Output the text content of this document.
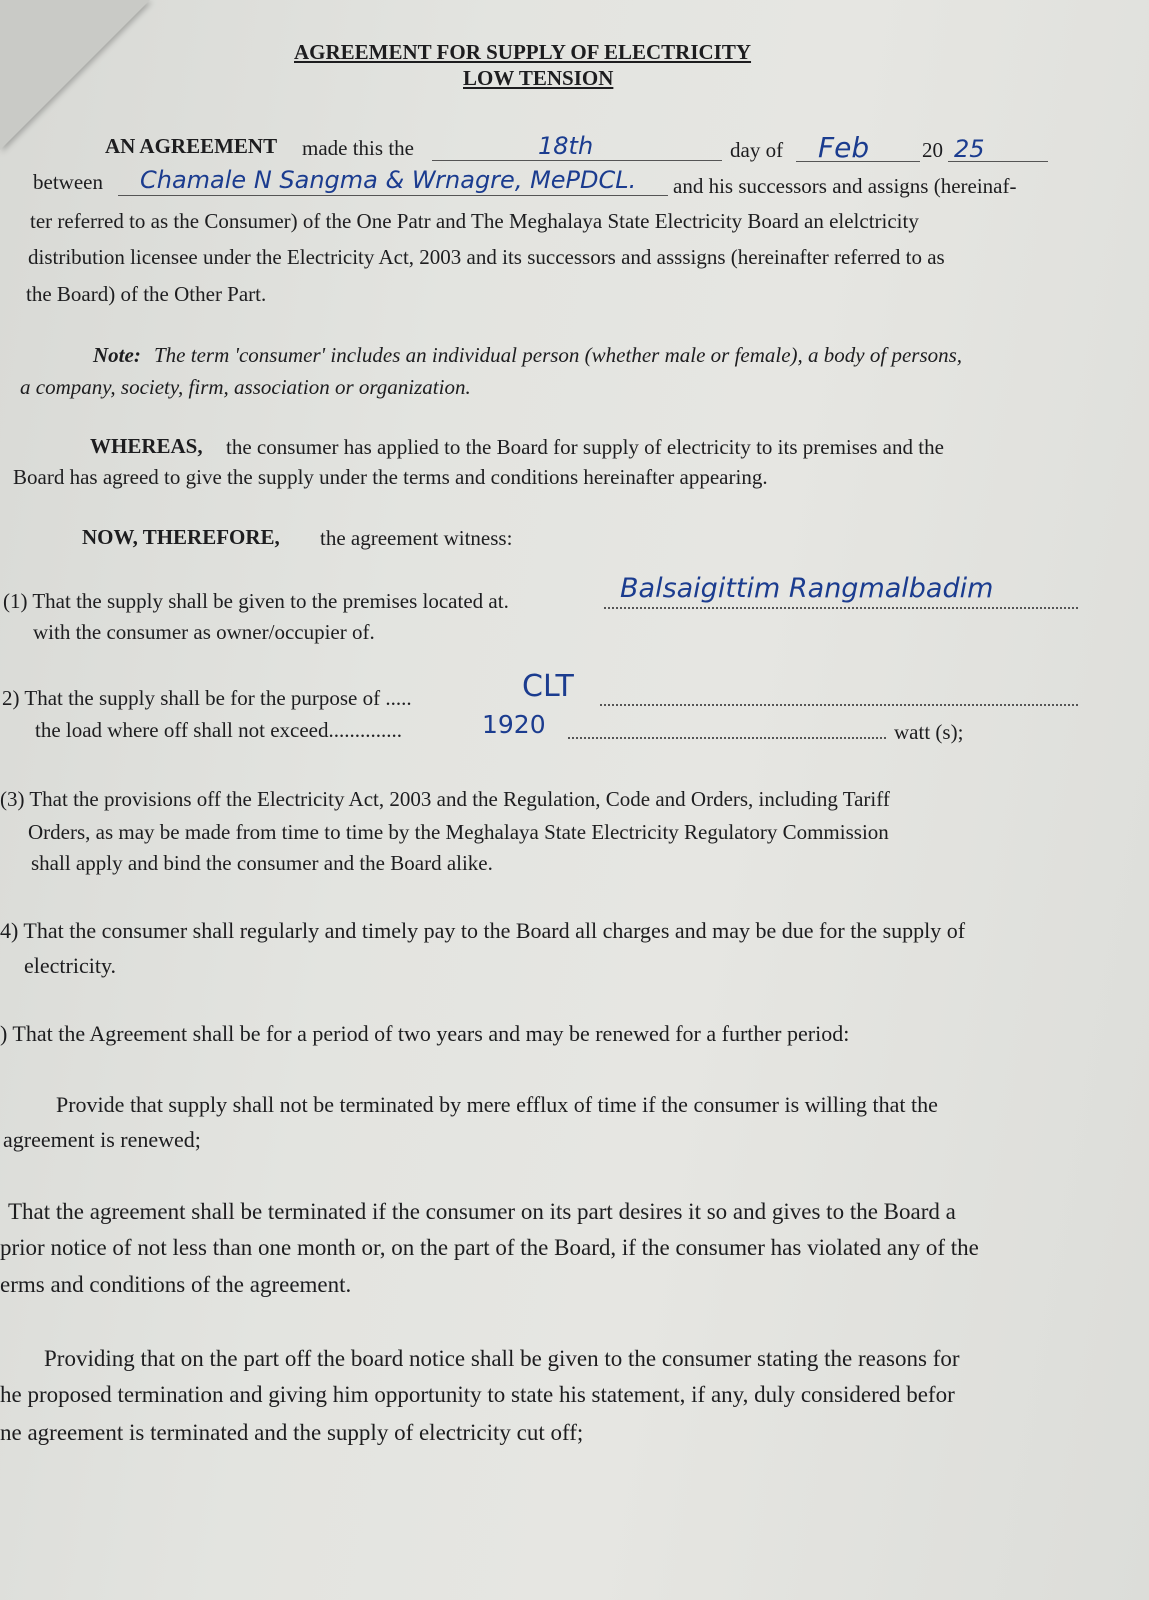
AGREEMENT FOR SUPPLY OF ELECTRICITY
LOW TENSION
AN AGREEMENT made this the	18th	day of Feb	20 25
between Chamale N Sangma & Wrnagre, MePDCL. and his successors and assigns (hereinaf-
ter referred to as the Consumer) of the One Patr and The Meghalaya State Electricity Board an elelctricity
distribution licensee under the Electricity Act, 2003 and its successors and asssigns (hereinafter referred to as
the Board) of the Other Part.
Note: The term 'consumer' includes an individual person (whether male or female), a body of persons,
a company, society, firm, association or organization.
WHEREAS, the consumer has applied to the Board for supply of electricity to its premises and the
Board has agreed to give the supply under the terms and conditions hereinafter appearing.
NOW, THEREFORE, the agreement witness:
(1) That the supply shall be given to the premises located at.	Balsaigittim Rangmalbadim
with the consumer as owner/occupier of.
2) That the supply shall be for the purpose of .....	CLT
the load where off shall not exceed..............	1920	watt (s);
(3) That the provisions off the Electricity Act, 2003 and the Regulation, Code and Orders, including Tariff
Orders, as may be made from time to time by the Meghalaya State Electricity Regulatory Commission
shall apply and bind the consumer and the Board alike.
4) That the consumer shall regularly and timely pay to the Board all charges and may be due for the supply of
electricity.
) That the Agreement shall be for a period of two years and may be renewed for a further period:
Provide that supply shall not be terminated by mere efflux of time if the consumer is willing that the
agreement is renewed;
That the agreement shall be terminated if the consumer on its part desires it so and gives to the Board a
prior notice of not less than one month or, on the part of the Board, if the consumer has violated any of the
erms and conditions of the agreement.
Providing that on the part off the board notice shall be given to the consumer stating the reasons for
he proposed termination and giving him opportunity to state his statement, if any, duly considered befor
ne agreement is terminated and the supply of electricity cut off;
